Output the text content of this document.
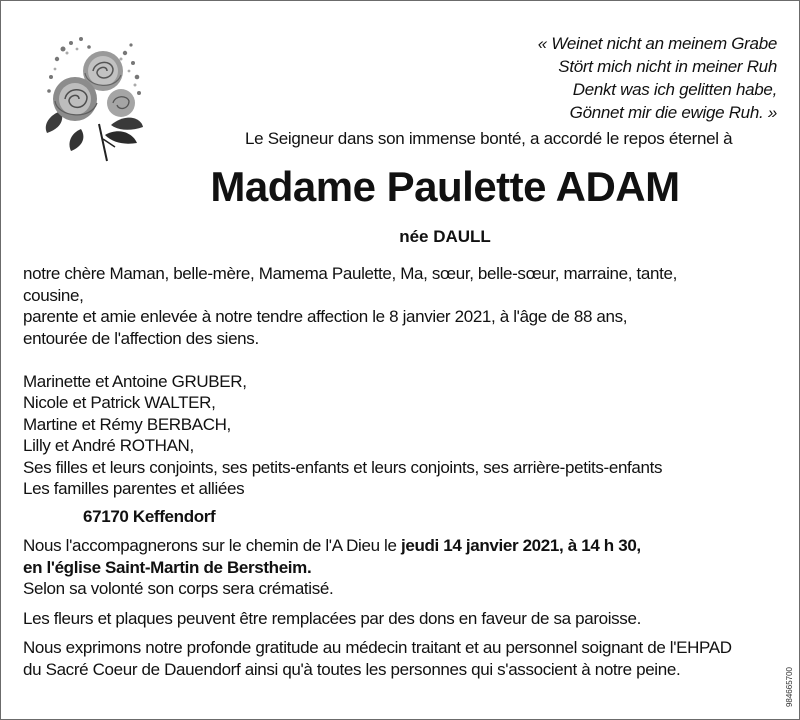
« Weinet nicht an meinem Grabe
Stört mich nicht in meiner Ruh
Denkt was ich gelitten habe,
Gönnet mir die ewige Ruh. »
Le Seigneur dans son immense bonté, a accordé le repos éternel à
Madame Paulette ADAM
née DAULL

notre chère Maman, belle-mère, Mamema Paulette, Ma, sœur, belle-sœur, marraine, tante,

cousine,

parente et amie enlevée à notre tendre affection le 8 janvier 2021, à l'âge de 88 ans,

entourée de l'affection des siens.

Marinette et Antoine GRUBER,

Nicole et Patrick WALTER,

Martine et Rémy BERBACH,

Lilly et André ROTHAN,

Ses filles et leurs conjoints, ses petits-enfants et leurs conjoints, ses arrière-petits-enfants

Les familles parentes et alliées

67170 Keffendorf

Nous l'accompagnerons sur le chemin de l'A Dieu le jeudi 14 janvier 2021, à 14 h 30,

en l'église Saint-Martin de Berstheim.

Selon sa volonté son corps sera crématisé.

Les fleurs et plaques peuvent être remplacées par des dons en faveur de sa paroisse.

Nous exprimons notre profonde gratitude au médecin traitant et au personnel soignant de l'EHPAD

du Sacré Coeur de Dauendorf ainsi qu'à toutes les personnes qui s'associent à notre peine.	984665700
